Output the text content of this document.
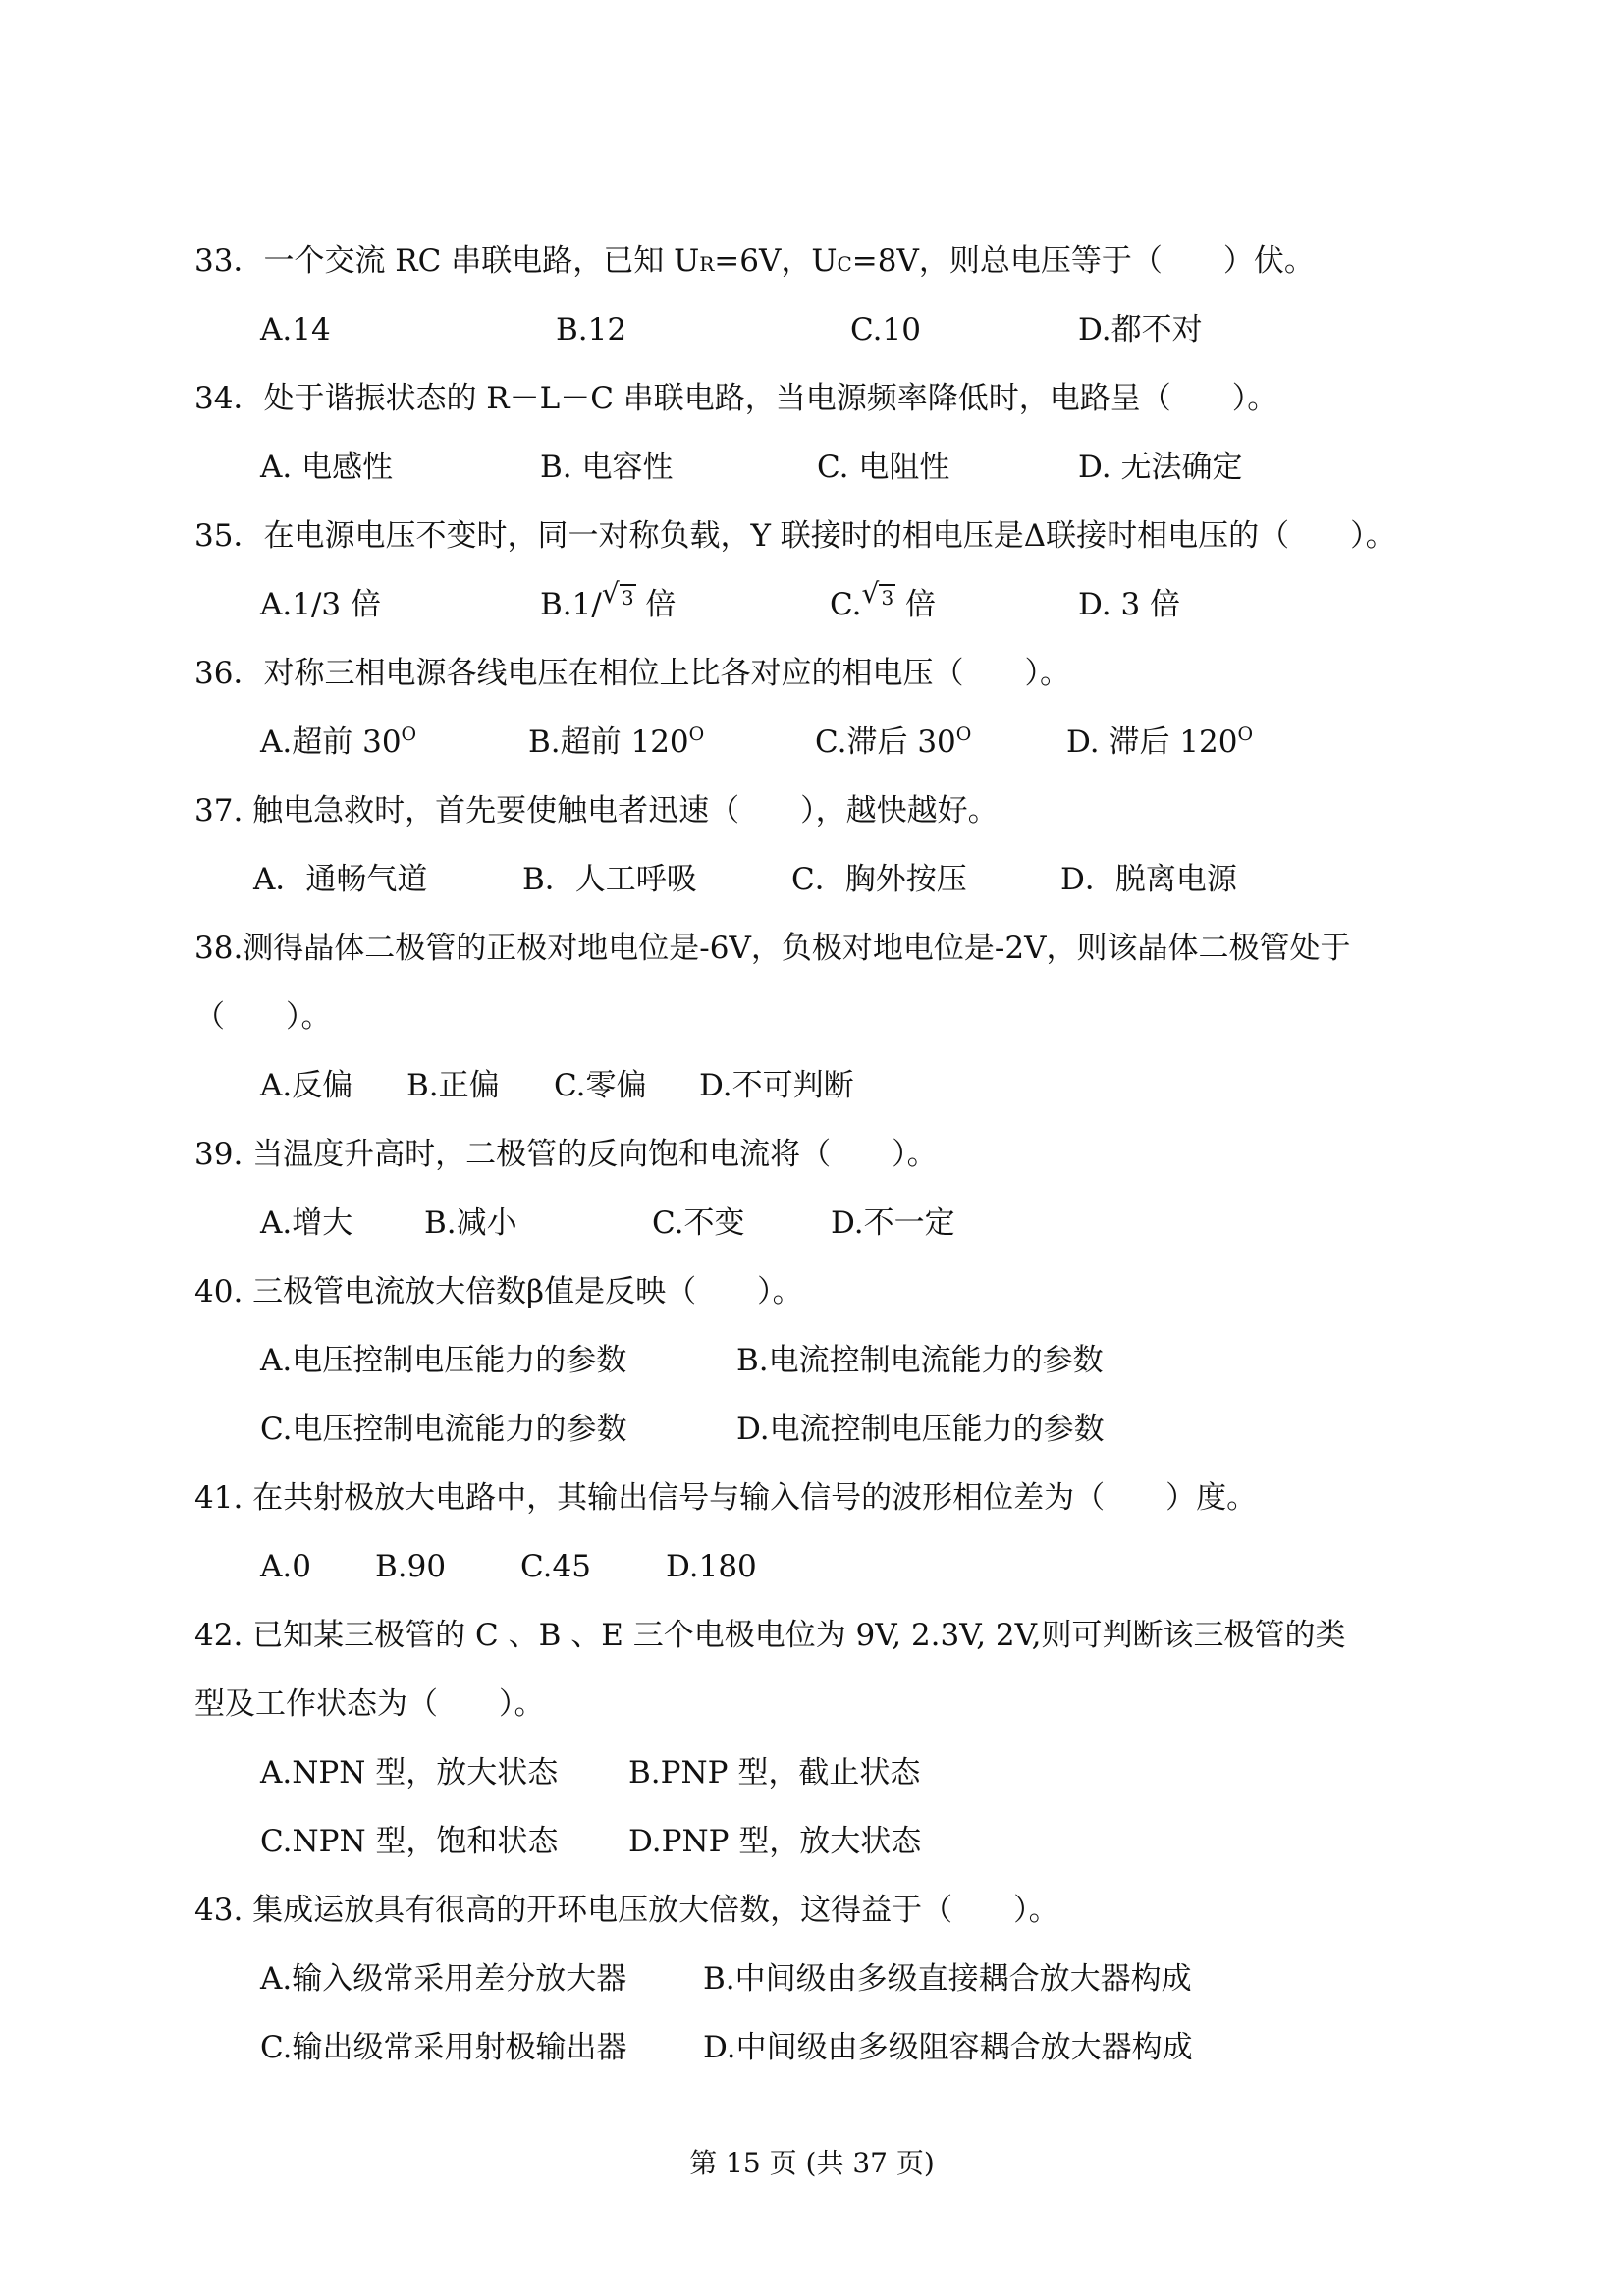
33．一个交流 RC 串联电路，已知 UR=6V，UC=8V，则总电压等于（　　）伏。
A.14	B.12	C.10	D.都不对
34．处于谐振状态的 R－L－C 串联电路，当电源频率降低时，电路呈（　　）。
A. 电感性	B. 电容性	C. 电阻性	D. 无法确定
35．在电源电压不变时，同一对称负载，Y 联接时的相电压是Δ联接时相电压的（　　）。
A.1/3 倍	B.1/ √ 3 倍	C. √ 3 倍	D. 3 倍
36．对称三相电源各线电压在相位上比各对应的相电压（　　）。
A.超前 $30^O$	B.超前 $120^O$	C.滞后 $30^O$	D. 滞后 $120^O$
37. 触电急救时，首先要使触电者迅速（　　），越快越好。
A．通畅气道	B．人工呼吸	C．胸外按压	D．脱离电源
38.测得晶体二极管的正极对地电位是-6V，负极对地电位是-2V，则该晶体二极管处于
（　　）。
A.反偏 B.正偏 C.零偏 D.不可判断
39. 当温度升高时，二极管的反向饱和电流将（　　）。
A.增大 B.减小	C.不变	D.不一定
40. 三极管电流放大倍数β值是反映（　　）。
A.电压控制电压能力的参数	B.电流控制电流能力的参数
C.电压控制电流能力的参数	D.电流控制电压能力的参数
41. 在共射极放大电路中，其输出信号与输入信号的波形相位差为（　　）度。
A.0 B.90 C.45 D.180
42. 已知某三极管的 C 、B 、E 三个电极电位为 9V, 2.3V, 2V,则可判断该三极管的类
型及工作状态为（　　）。
A.NPN 型，放大状态 B.PNP 型，截止状态
C.NPN 型，饱和状态 D.PNP 型，放大状态
43. 集成运放具有很高的开环电压放大倍数，这得益于（　　）。
A.输入级常采用差分放大器	B.中间级由多级直接耦合放大器构成
C.输出级常采用射极输出器	D.中间级由多级阻容耦合放大器构成
第 15 页 (共 37 页)
